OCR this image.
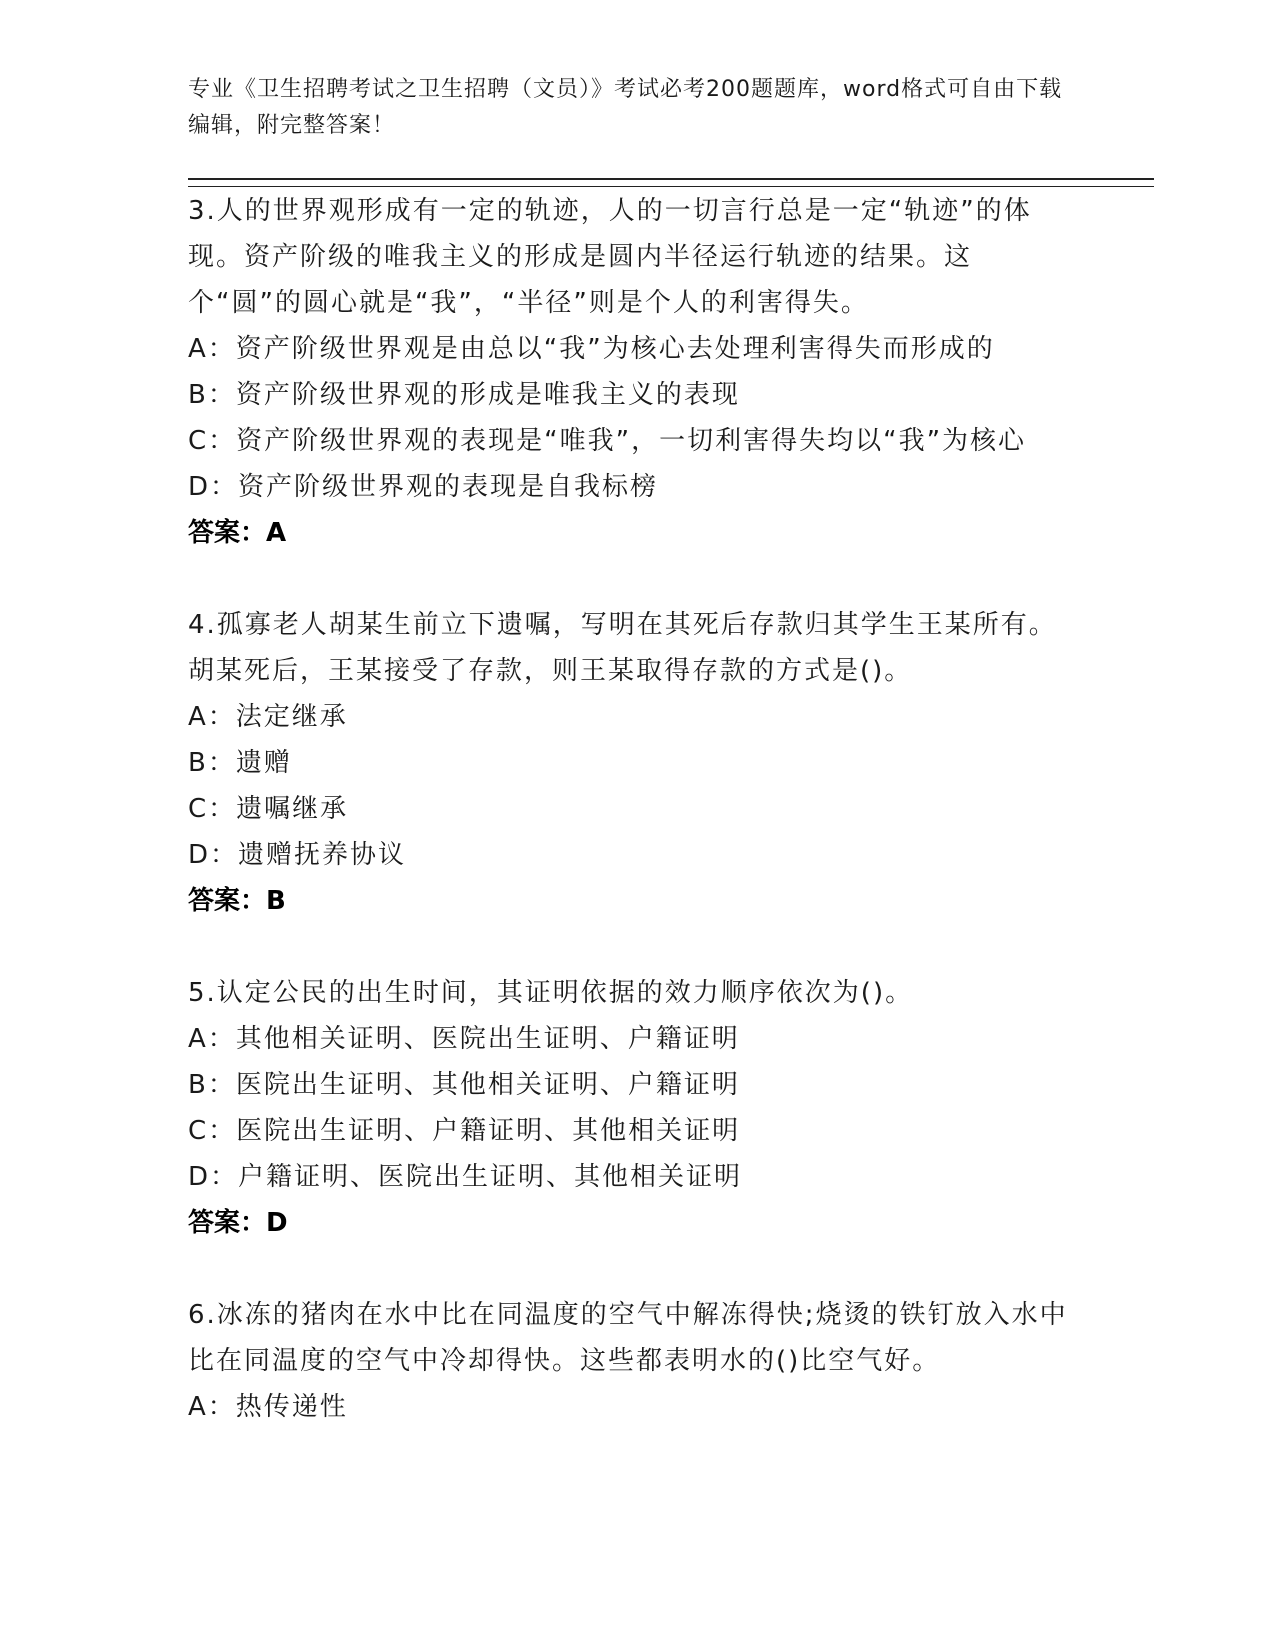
专业《卫生招聘考试之卫生招聘（文员）》考试必考200题题库，word格式可自由下载编辑，附完整答案！
3.人的世界观形成有一定的轨迹，人的一切言行总是一定“轨迹”的体现。资产阶级的唯我主义的形成是圆内半径运行轨迹的结果。这个“圆”的圆心就是“我”，“半径”则是个人的利害得失。
A：资产阶级世界观是由总以“我”为核心去处理利害得失而形成的
B：资产阶级世界观的形成是唯我主义的表现
C：资产阶级世界观的表现是“唯我”，一切利害得失均以“我”为核心
D：资产阶级世界观的表现是自我标榜
答案：A
4.孤寡老人胡某生前立下遗嘱，写明在其死后存款归其学生王某所有。胡某死后，王某接受了存款，则王某取得存款的方式是()。
A：法定继承
B：遗赠
C：遗嘱继承
D：遗赠抚养协议
答案：B
5.认定公民的出生时间，其证明依据的效力顺序依次为()。
A：其他相关证明、医院出生证明、户籍证明
B：医院出生证明、其他相关证明、户籍证明
C：医院出生证明、户籍证明、其他相关证明
D：户籍证明、医院出生证明、其他相关证明
答案：D
6.冰冻的猪肉在水中比在同温度的空气中解冻得快;烧烫的铁钉放入水中比在同温度的空气中冷却得快。这些都表明水的()比空气好。
A：热传递性
